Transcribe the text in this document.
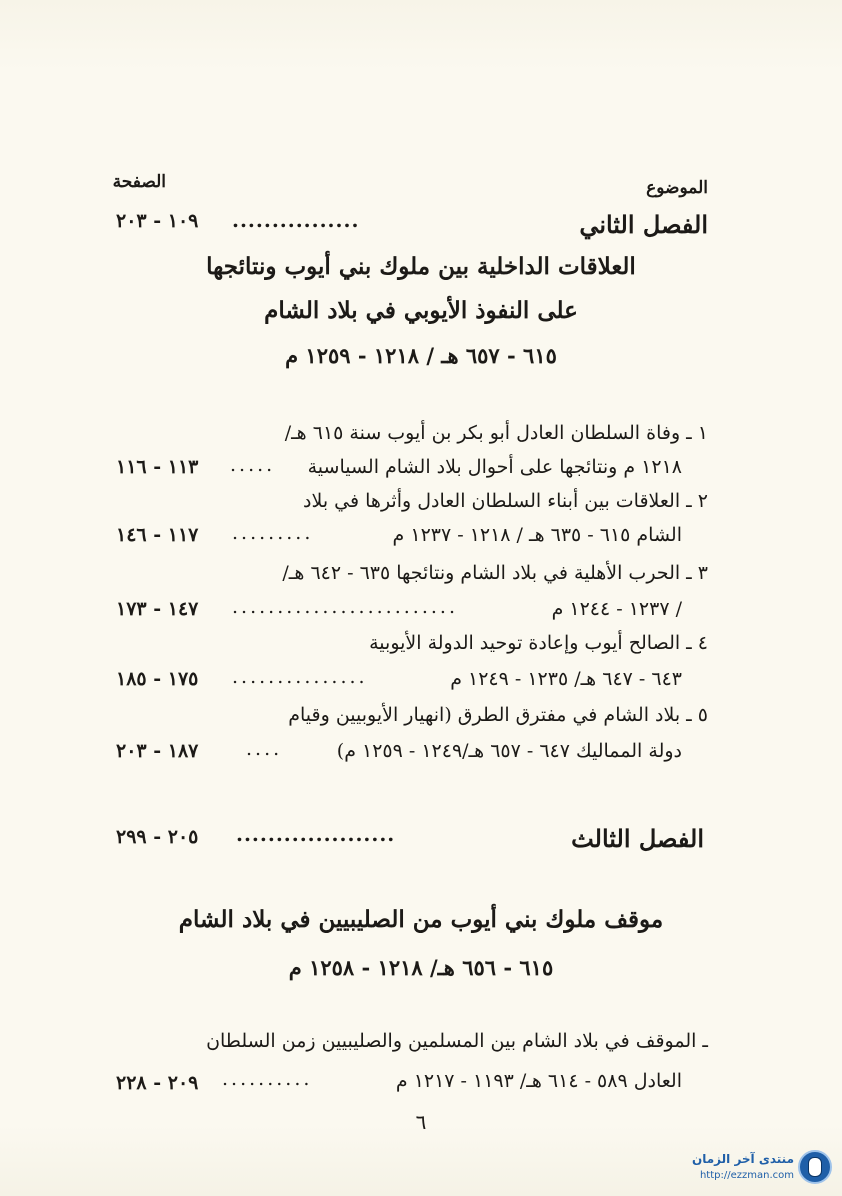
الموضوع
الصفحة
الفصل الثاني
................
١٠٩ - ٢٠٣
العلاقات الداخلية بين ملوك بني أيوب ونتائجها
على النفوذ الأيوبي في بلاد الشام
٦١٥ - ٦٥٧ هـ / ١٢١٨ - ١٢٥٩ م
١ ـ وفاة السلطان العادل أبو بكر بن أيوب سنة ٦١٥ هـ/
١٢١٨ م ونتائجها على أحوال بلاد الشام السياسية
.....
١١٣ - ١١٦
٢ ـ العلاقات بين أبناء السلطان العادل وأثرها في بلاد
الشام ٦١٥ - ٦٣٥ هـ / ١٢١٨ - ١٢٣٧ م
.........
١١٧ - ١٤٦
٣ ـ الحرب الأهلية في بلاد الشام ونتائجها ٦٣٥ - ٦٤٢ هـ/
/ ١٢٣٧ - ١٢٤٤ م
.........................
١٤٧ - ١٧٣
٤ ـ الصالح أيوب وإعادة توحيد الدولة الأيوبية
٦٤٣ - ٦٤٧ هـ/ ١٢٣٥ - ١٢٤٩ م
...............
١٧٥ - ١٨٥
٥ ـ بلاد الشام في مفترق الطرق (انهيار الأيوبيين وقيام
دولة المماليك ٦٤٧ - ٦٥٧ هـ/١٢٤٩ - ١٢٥٩ م)
....
١٨٧ - ٢٠٣
الفصل الثالث
....................
٢٠٥ - ٢٩٩
موقف ملوك بني أيوب من الصليبيين في بلاد الشام
٦١٥ - ٦٥٦ هـ/ ١٢١٨ - ١٢٥٨ م
ـ الموقف في بلاد الشام بين المسلمين والصليبيين زمن السلطان
العادل ٥٨٩ - ٦١٤ هـ/ ١١٩٣ - ١٢١٧ م
..........
٢٠٩ - ٢٢٨
٦
منتدى آخر الزمان
http://ezzman.com
